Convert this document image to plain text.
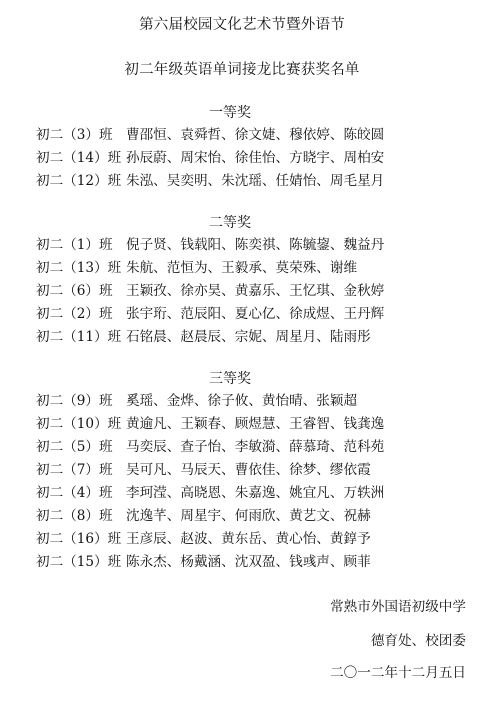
第六届校园文化艺术节暨外语节
初二年级英语单词接龙比赛获奖名单
一等奖
初二（3）班 曹邵恒、袁舜哲、徐文婕、穆依婷、陈皎圆
初二（14）班 孙辰蔚、周宋怡、徐佳怡、方晓宇、周柏安
初二（12）班 朱泓、吴奕明、朱沈瑶、任婧怡、周毛星月
二等奖
初二（1）班 倪子贤、钱载阳、陈奕祺、陈毓鋆、魏益丹
初二（13）班 朱航、范恒为、王毅承、莫荣殊、谢维
初二（6）班 王颖孜、徐亦昊、黄嘉乐、王忆琪、金秋婷
初二（2）班 张宇珩、范辰阳、夏心亿、徐成煜、王丹辉
初二（11）班 石铭晨、赵晨辰、宗妮、周星月、陆雨彤
三等奖
初二（9）班 奚瑶、金烨、徐子攸、黄怡晴、张颖超
初二（10）班 黄逾凡、王颖春、顾煜慧、王睿智、钱龚逸
初二（5）班 马奕辰、查子怡、李敏漪、薛慕琦、范科苑
初二（7）班 吴可凡、马辰天、曹依佳、徐梦、缪依霞
初二（4）班 李珂滢、高晓恩、朱嘉逸、姚宜凡、万轶洲
初二（8）班 沈逸芊、周星宇、何雨欣、黄艺文、祝赫
初二（16）班 王彦辰、赵波、黄东岳、黄心怡、黄錞予
初二（15）班 陈永杰、杨戴涵、沈双盈、钱彧声、顾菲
常熟市外国语初级中学
德育处、校团委
二〇一二年十二月五日
